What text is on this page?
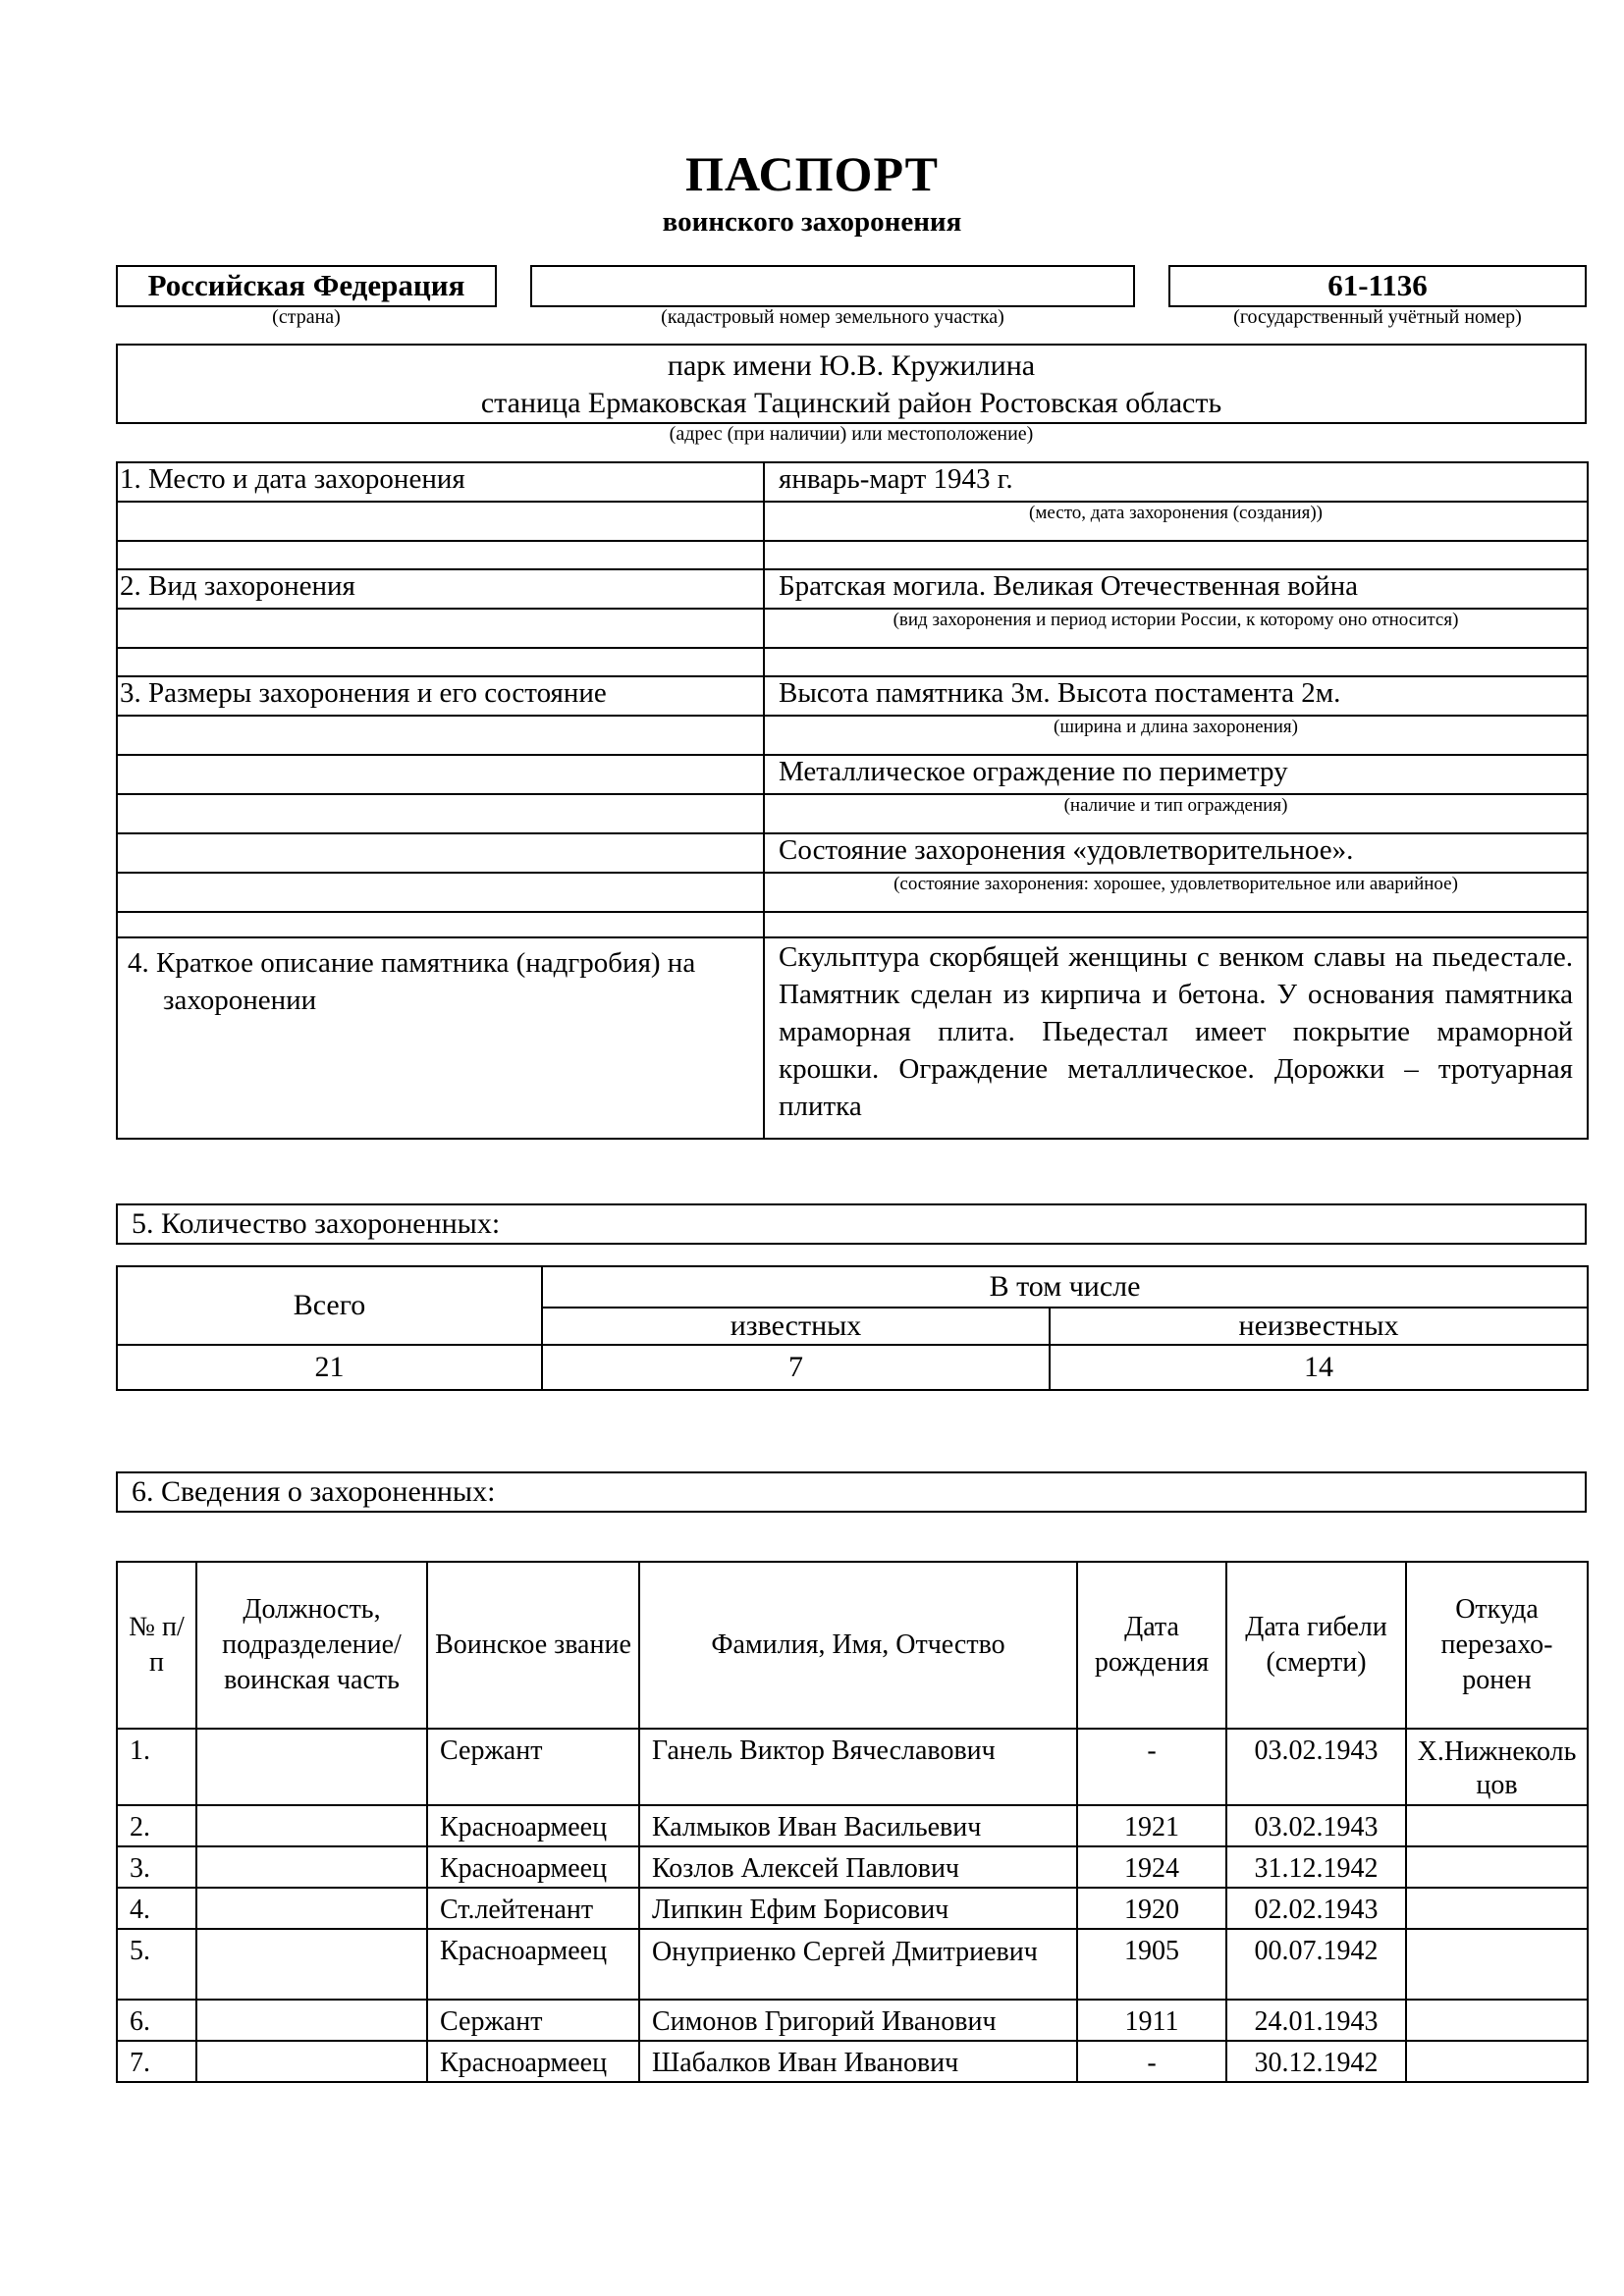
ПАСПОРТ
воинского захоронения
Российская Федерация
(страна)	(кадастровый номер земельного участка)
61-1136
(государственный учётный номер)
парк имени Ю.В. Кружилина
станица Ермаковская Тацинский район Ростовская область
(адрес (при наличии) или местоположение)
1. Место и дата захоронения	январь-март 1943 г.

	(место, дата захоронения (создания))

2. Вид захоронения	Братская могила. Великая Отечественная война

	(вид захоронения и период истории России, к которому оно относится)

3. Размеры захоронения и его состояние	Высота памятника 3м. Высота постамента 2м.

	(ширина и длина захоронения)

	Металлическое ограждение по периметру

	(наличие и тип ограждения)

	Состояние захоронения «удовлетворительное».

	(состояние захоронения: хорошее, удовлетворительное или аварийное)

4. Краткое описание памятника (надгробия) на захоронении	Скульптура скорбящей женщины с венком славы на пьедестале. Памятник сделан из кирпича и бетона. У основания памятника мраморная плита. Пьедестал имеет покрытие мраморной крошки. Ограждение металлическое. Дорожки – тротуарная плитка
5. Количество захороненных:
Всего	В том числе	
	известных	неизвестных
21	7	14
6. Сведения о захороненных:
№ п/п	Должность, подразделение/ воинская часть	Воинское звание	Фамилия, Имя, Отчество	Дата рождения	Дата гибели (смерти)	Откуда перезахо-ронен
1.		Сержант	Ганель Виктор Вячеславович	-	03.02.1943	Х.Нижнекольцов
2.		Красноармеец	Калмыков Иван Васильевич	1921	03.02.1943	
3.		Красноармеец	Козлов Алексей Павлович	1924	31.12.1942	
4.		Ст.лейтенант	Липкин Ефим Борисович	1920	02.02.1943	
5.		Красноармеец	Онуприенко Сергей Дмитриевич	1905	00.07.1942	
6.		Сержант	Симонов Григорий Иванович	1911	24.01.1943	
7.		Красноармеец	Шабалков Иван Иванович	-	30.12.1942	
